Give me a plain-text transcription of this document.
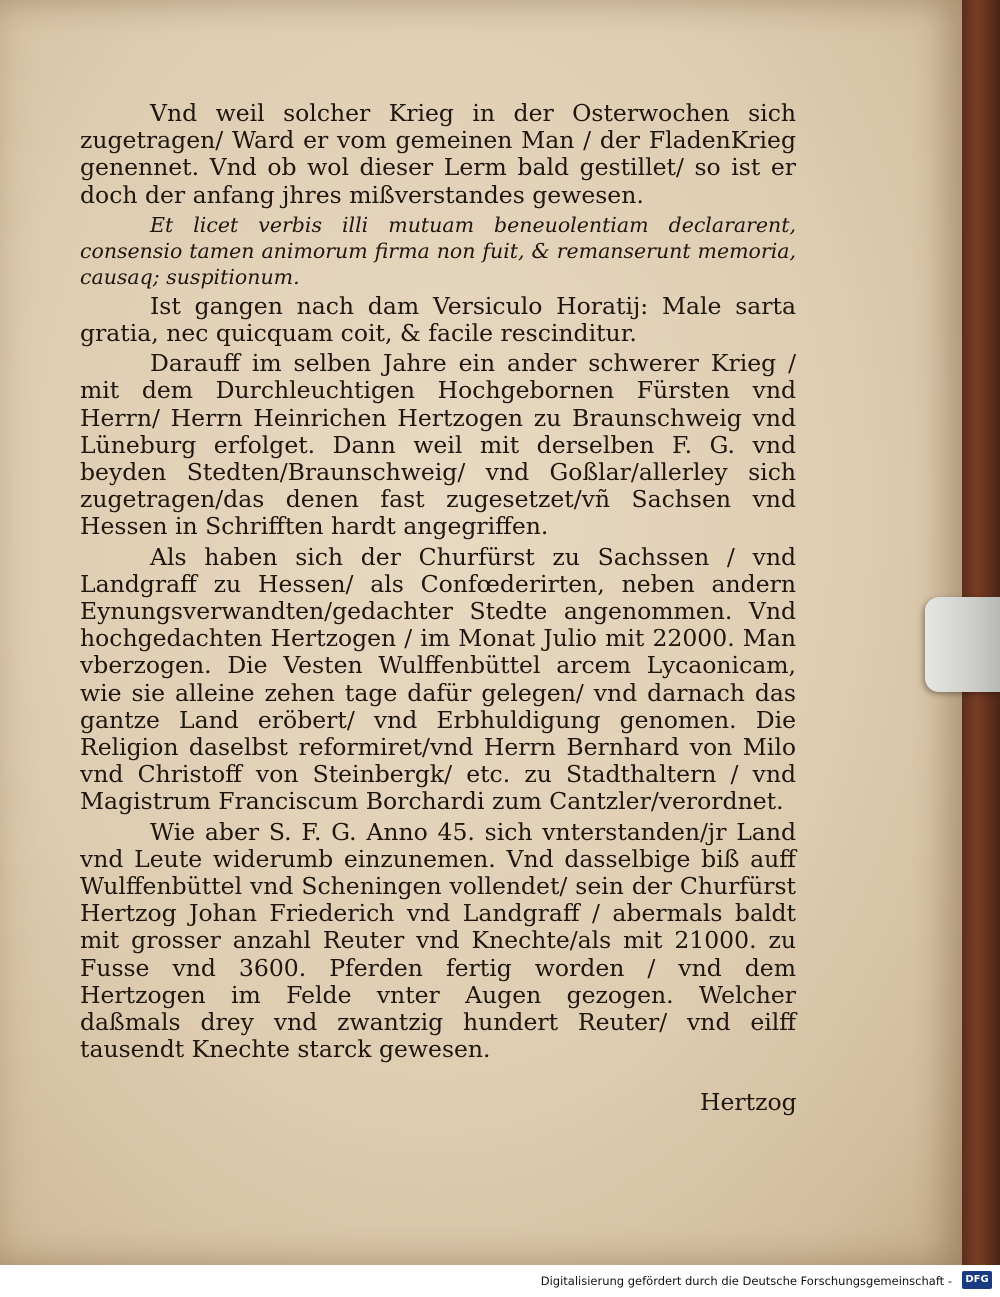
Vnd weil solcher Krieg in der Osterwochen sich zugetragen/ Ward er vom gemeinen Man / der FladenKrieg genennet. Vnd ob wol dieser Lerm bald gestillet/ so ist er doch der anfang jhres mißverstandes gewesen.

Et licet verbis illi mutuam beneuolentiam declararent, consensio tamen animorum firma non fuit, & remanserunt memoria, causaq; suspitionum.

Ist gangen nach dam Versiculo Horatij: Male sarta gratia, nec quicquam coit, & facile rescinditur.

Darauff im selben Jahre ein ander schwerer Krieg / mit dem Durchleuchtigen Hochgebornen Fürsten vnd Herrn/ Herrn Heinrichen Hertzogen zu Braunschweig vnd Lüneburg erfolget. Dann weil mit derselben F. G. vnd beyden Stedten/Braunschweig/ vnd Goßlar/allerley sich zugetragen/das denen fast zugesetzet/vñ Sachsen vnd Hessen in Schrifften hardt angegriffen.

Als haben sich der Churfürst zu Sachssen / vnd Landgraff zu Hessen/ als Confœderirten, neben andern Eynungsverwandten/gedachter Stedte angenommen. Vnd hochgedachten Hertzogen / im Monat Julio mit 22000. Man vberzogen. Die Vesten Wulffenbüttel arcem Lycaonicam, wie sie alleine zehen tage dafür gelegen/ vnd darnach das gantze Land eröbert/ vnd Erbhuldigung genomen. Die Religion daselbst reformiret/vnd Herrn Bernhard von Milo vnd Christoff von Steinbergk/ etc. zu Stadthaltern / vnd Magistrum Franciscum Borchardi zum Cantzler/verordnet.

Wie aber S. F. G. Anno 45. sich vnterstanden/jr Land vnd Leute widerumb einzunemen. Vnd dasselbige biß auff Wulffenbüttel vnd Scheningen vollendet/ sein der Churfürst Hertzog Johan Friederich vnd Landgraff / abermals baldt mit grosser anzahl Reuter vnd Knechte/als mit 21000. zu Fusse vnd 3600. Pferden fertig worden / vnd dem Hertzogen im Felde vnter Augen gezogen. Welcher daßmals drey vnd zwantzig hundert Reuter/ vnd eilff tausendt Knechte starck gewesen.

Hertzog
Digitalisierung gefördert durch die Deutsche Forschungsgemeinschaft -	DFG
